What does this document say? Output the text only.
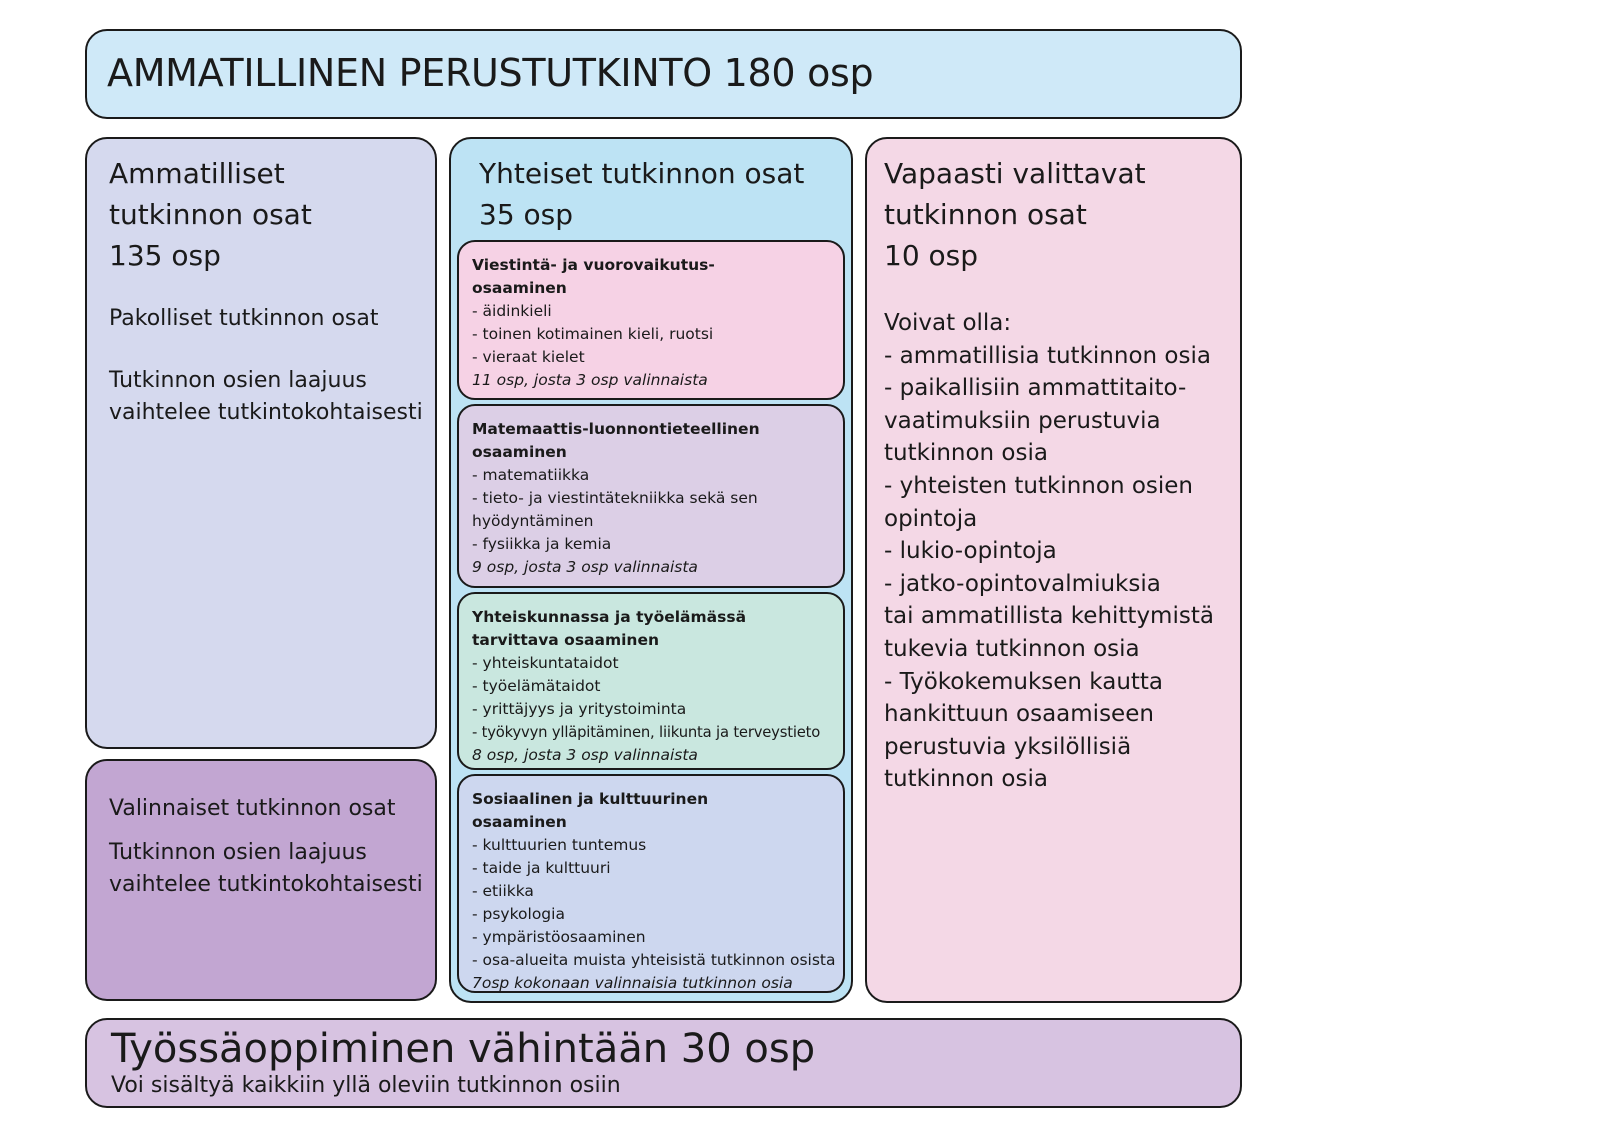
AMMATILLINEN PERUSTUTKINTO 180 osp
Ammatilliset
tutkinnon osat
135 osp
Pakolliset tutkinnon osat
Tutkinnon osien laajuus
vaihtelee tutkintokohtaisesti
Valinnaiset tutkinnon osat
Tutkinnon osien laajuus
vaihtelee tutkintokohtaisesti
Yhteiset tutkinnon osat
35 osp
Viestintä- ja vuorovaikutus-
osaaminen
- äidinkieli
- toinen kotimainen kieli, ruotsi
- vieraat kielet
11 osp, josta 3 osp valinnaista
Matemaattis-luonnontieteellinen
osaaminen
- matematiikka
- tieto- ja viestintätekniikka sekä sen
hyödyntäminen
- fysiikka ja kemia
9 osp, josta 3 osp valinnaista
Yhteiskunnassa ja työelämässä
tarvittava osaaminen
- yhteiskuntataidot
- työelämätaidot
- yrittäjyys ja yritystoiminta
- työkyvyn ylläpitäminen, liikunta ja terveystieto
8 osp, josta 3 osp valinnaista
Sosiaalinen ja kulttuurinen
osaaminen
- kulttuurien tuntemus
- taide ja kulttuuri
- etiikka
- psykologia
- ympäristöosaaminen
- osa-alueita muista yhteisistä tutkinnon osista
7osp kokonaan valinnaisia tutkinnon osia
Vapaasti valittavat
tutkinnon osat
10 osp
Voivat olla:
- ammatillisia tutkinnon osia
- paikallisiin ammattitaito-
vaatimuksiin perustuvia
tutkinnon osia
- yhteisten tutkinnon osien
opintoja
- lukio-opintoja
- jatko-opintovalmiuksia
tai ammatillista kehittymistä
tukevia tutkinnon osia
- Työkokemuksen kautta
hankittuun osaamiseen
perustuvia yksilöllisiä
tutkinnon osia
Työssäoppiminen vähintään 30 osp
Voi sisältyä kaikkiin yllä oleviin tutkinnon osiin
